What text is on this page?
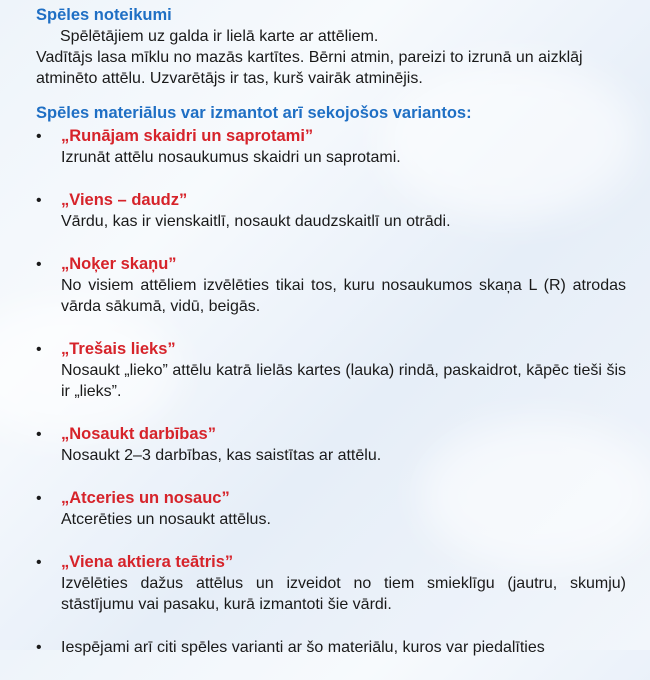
Spēles noteikumi

Spēlētājiem uz galda ir lielā karte ar attēliem.

Vadītājs lasa mīklu no mazās kartītes. Bērni atmin, pareizi to izrunā un aizklāj atminēto attēlu. Uzvarētājs ir tas, kurš vairāk atminējis.

Spēles materiālus var izmantot arī sekojošos variantos:

• „Runājam skaidri un saprotami”

Izrunāt attēlu nosaukumus skaidri un saprotami.

• „Viens – daudz”

Vārdu, kas ir vienskaitlī, nosaukt daudzskaitlī un otrādi.

• „Noķer skaņu”

No visiem attēliem izvēlēties tikai tos, kuru nosaukumos skaņa L (R) atrodas vārda sākumā, vidū, beigās.

• „Trešais lieks”

Nosaukt „lieko” attēlu katrā lielās kartes (lauka) rindā, paskaidrot, kāpēc tieši šis ir „lieks”.

• „Nosaukt darbības”

Nosaukt 2–3 darbības, kas saistītas ar attēlu.

• „Atceries un nosauc”

Atcerēties un nosaukt attēlus.

• „Viena aktiera teātris”

Izvēlēties dažus attēlus un izveidot no tiem smieklīgu (jautru, skumju) stāstījumu vai pasaku, kurā izmantoti šie vārdi.

• Iespējami arī citi spēles varianti ar šo materiālu, kuros var piedalīties
